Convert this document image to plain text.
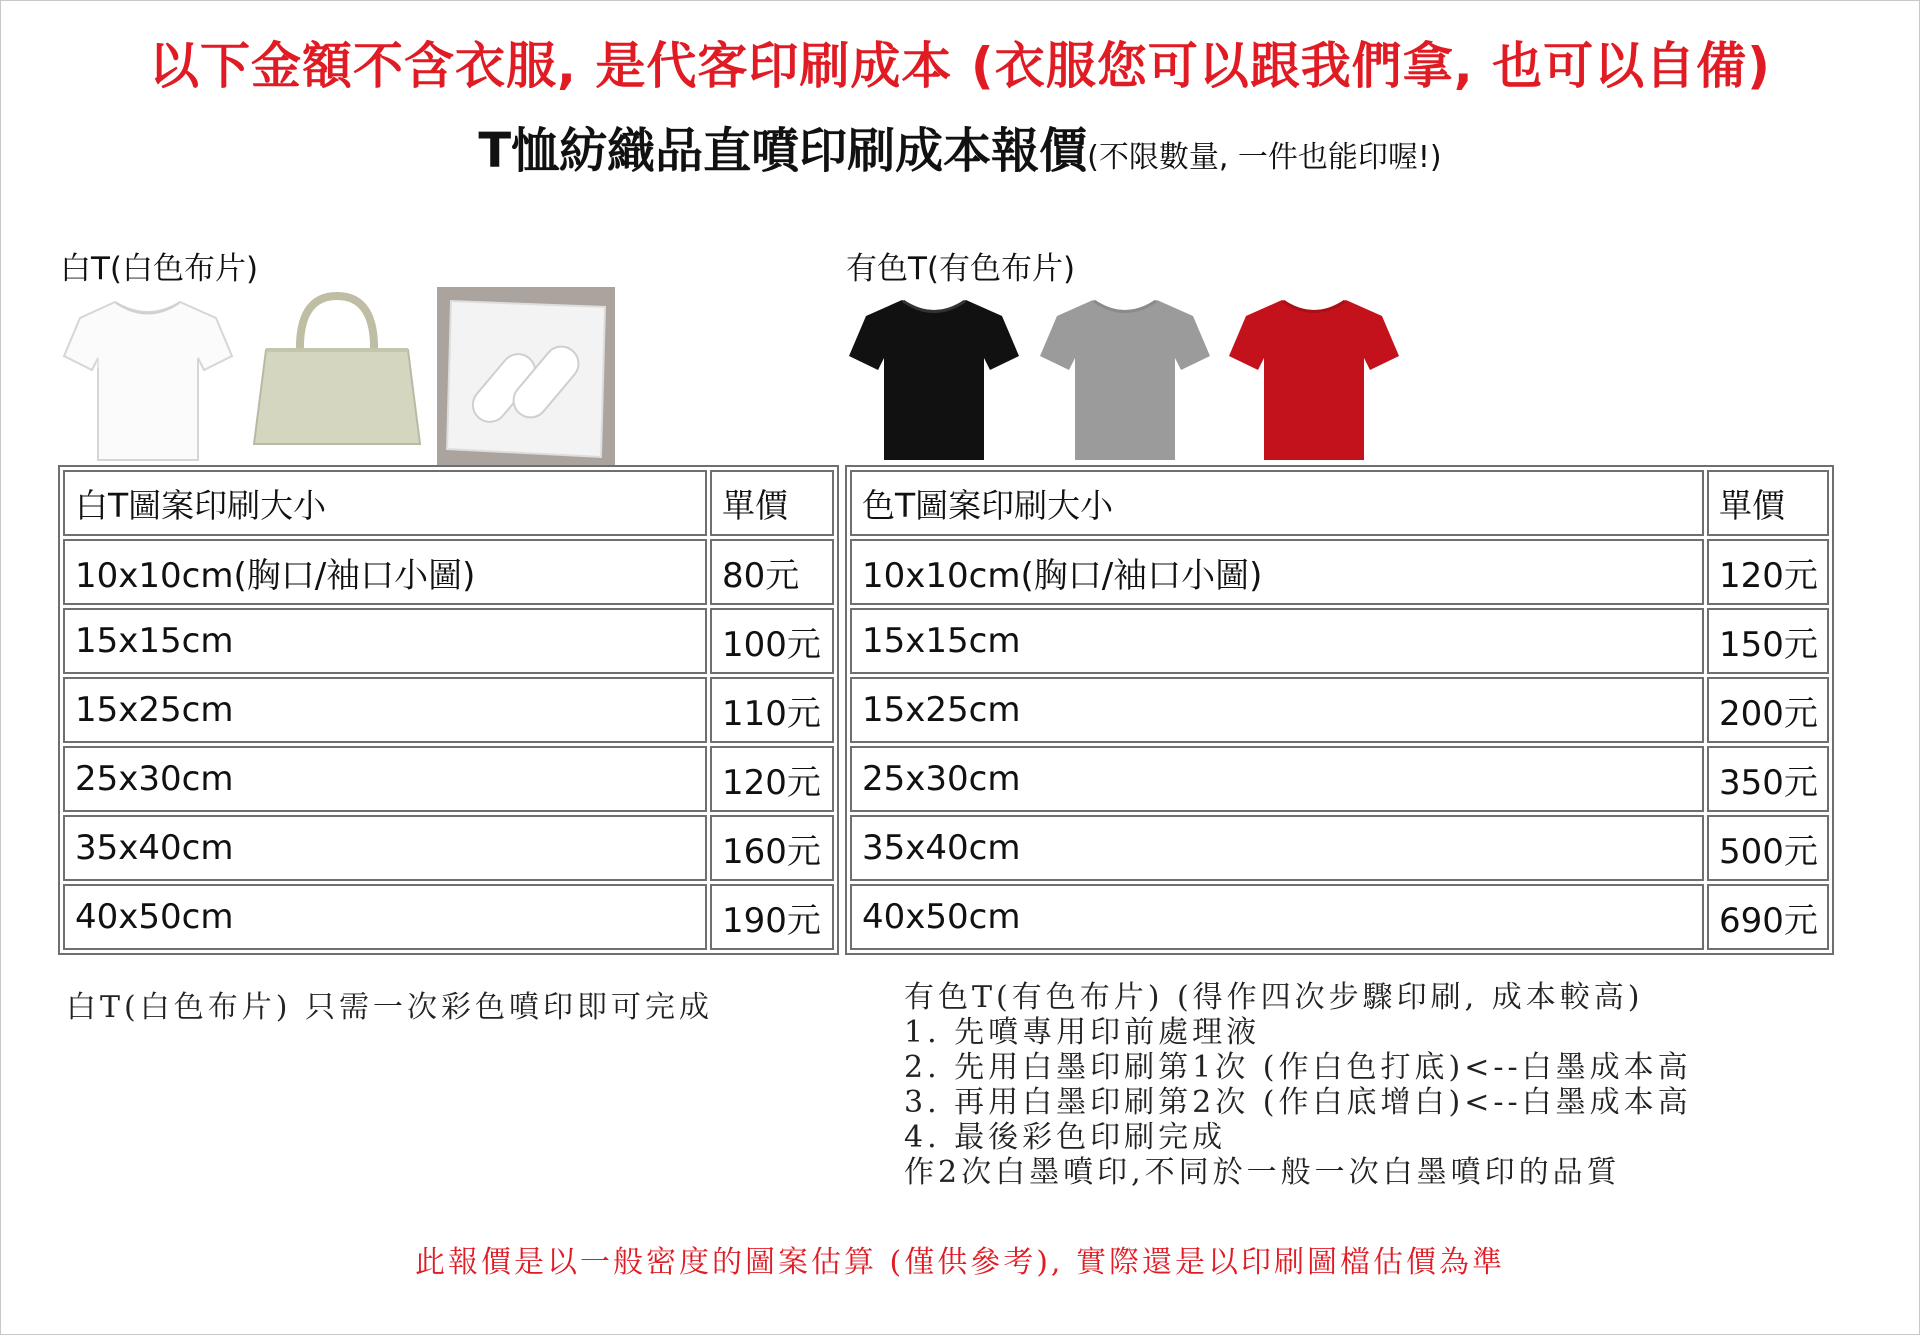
以下金額不含衣服, 是代客印刷成本 (衣服您可以跟我們拿, 也可以自備)
T恤紡織品直噴印刷成本報價(不限數量, 一件也能印喔!)
白T(白色布片)
白T圖案印刷大小	單價
10x10cm(胸口/袖口小圖)	80元
15x15cm	100元
15x25cm	110元
25x30cm	120元
35x40cm	160元
40x50cm	190元
白T(白色布片) 只需一次彩色噴印即可完成
有色T(有色布片)
色T圖案印刷大小	單價
10x10cm(胸口/袖口小圖)	120元
15x15cm	150元
15x25cm	200元
25x30cm	350元
35x40cm	500元
40x50cm	690元
有色T(有色布片) (得作四次步驟印刷, 成本較高)
1. 先噴專用印前處理液
2. 先用白墨印刷第1次 (作白色打底)<--白墨成本高
3. 再用白墨印刷第2次 (作白底增白)<--白墨成本高
4. 最後彩色印刷完成
作2次白墨噴印,不同於一般一次白墨噴印的品質
此報價是以一般密度的圖案估算 (僅供參考), 實際還是以印刷圖檔估價為準
